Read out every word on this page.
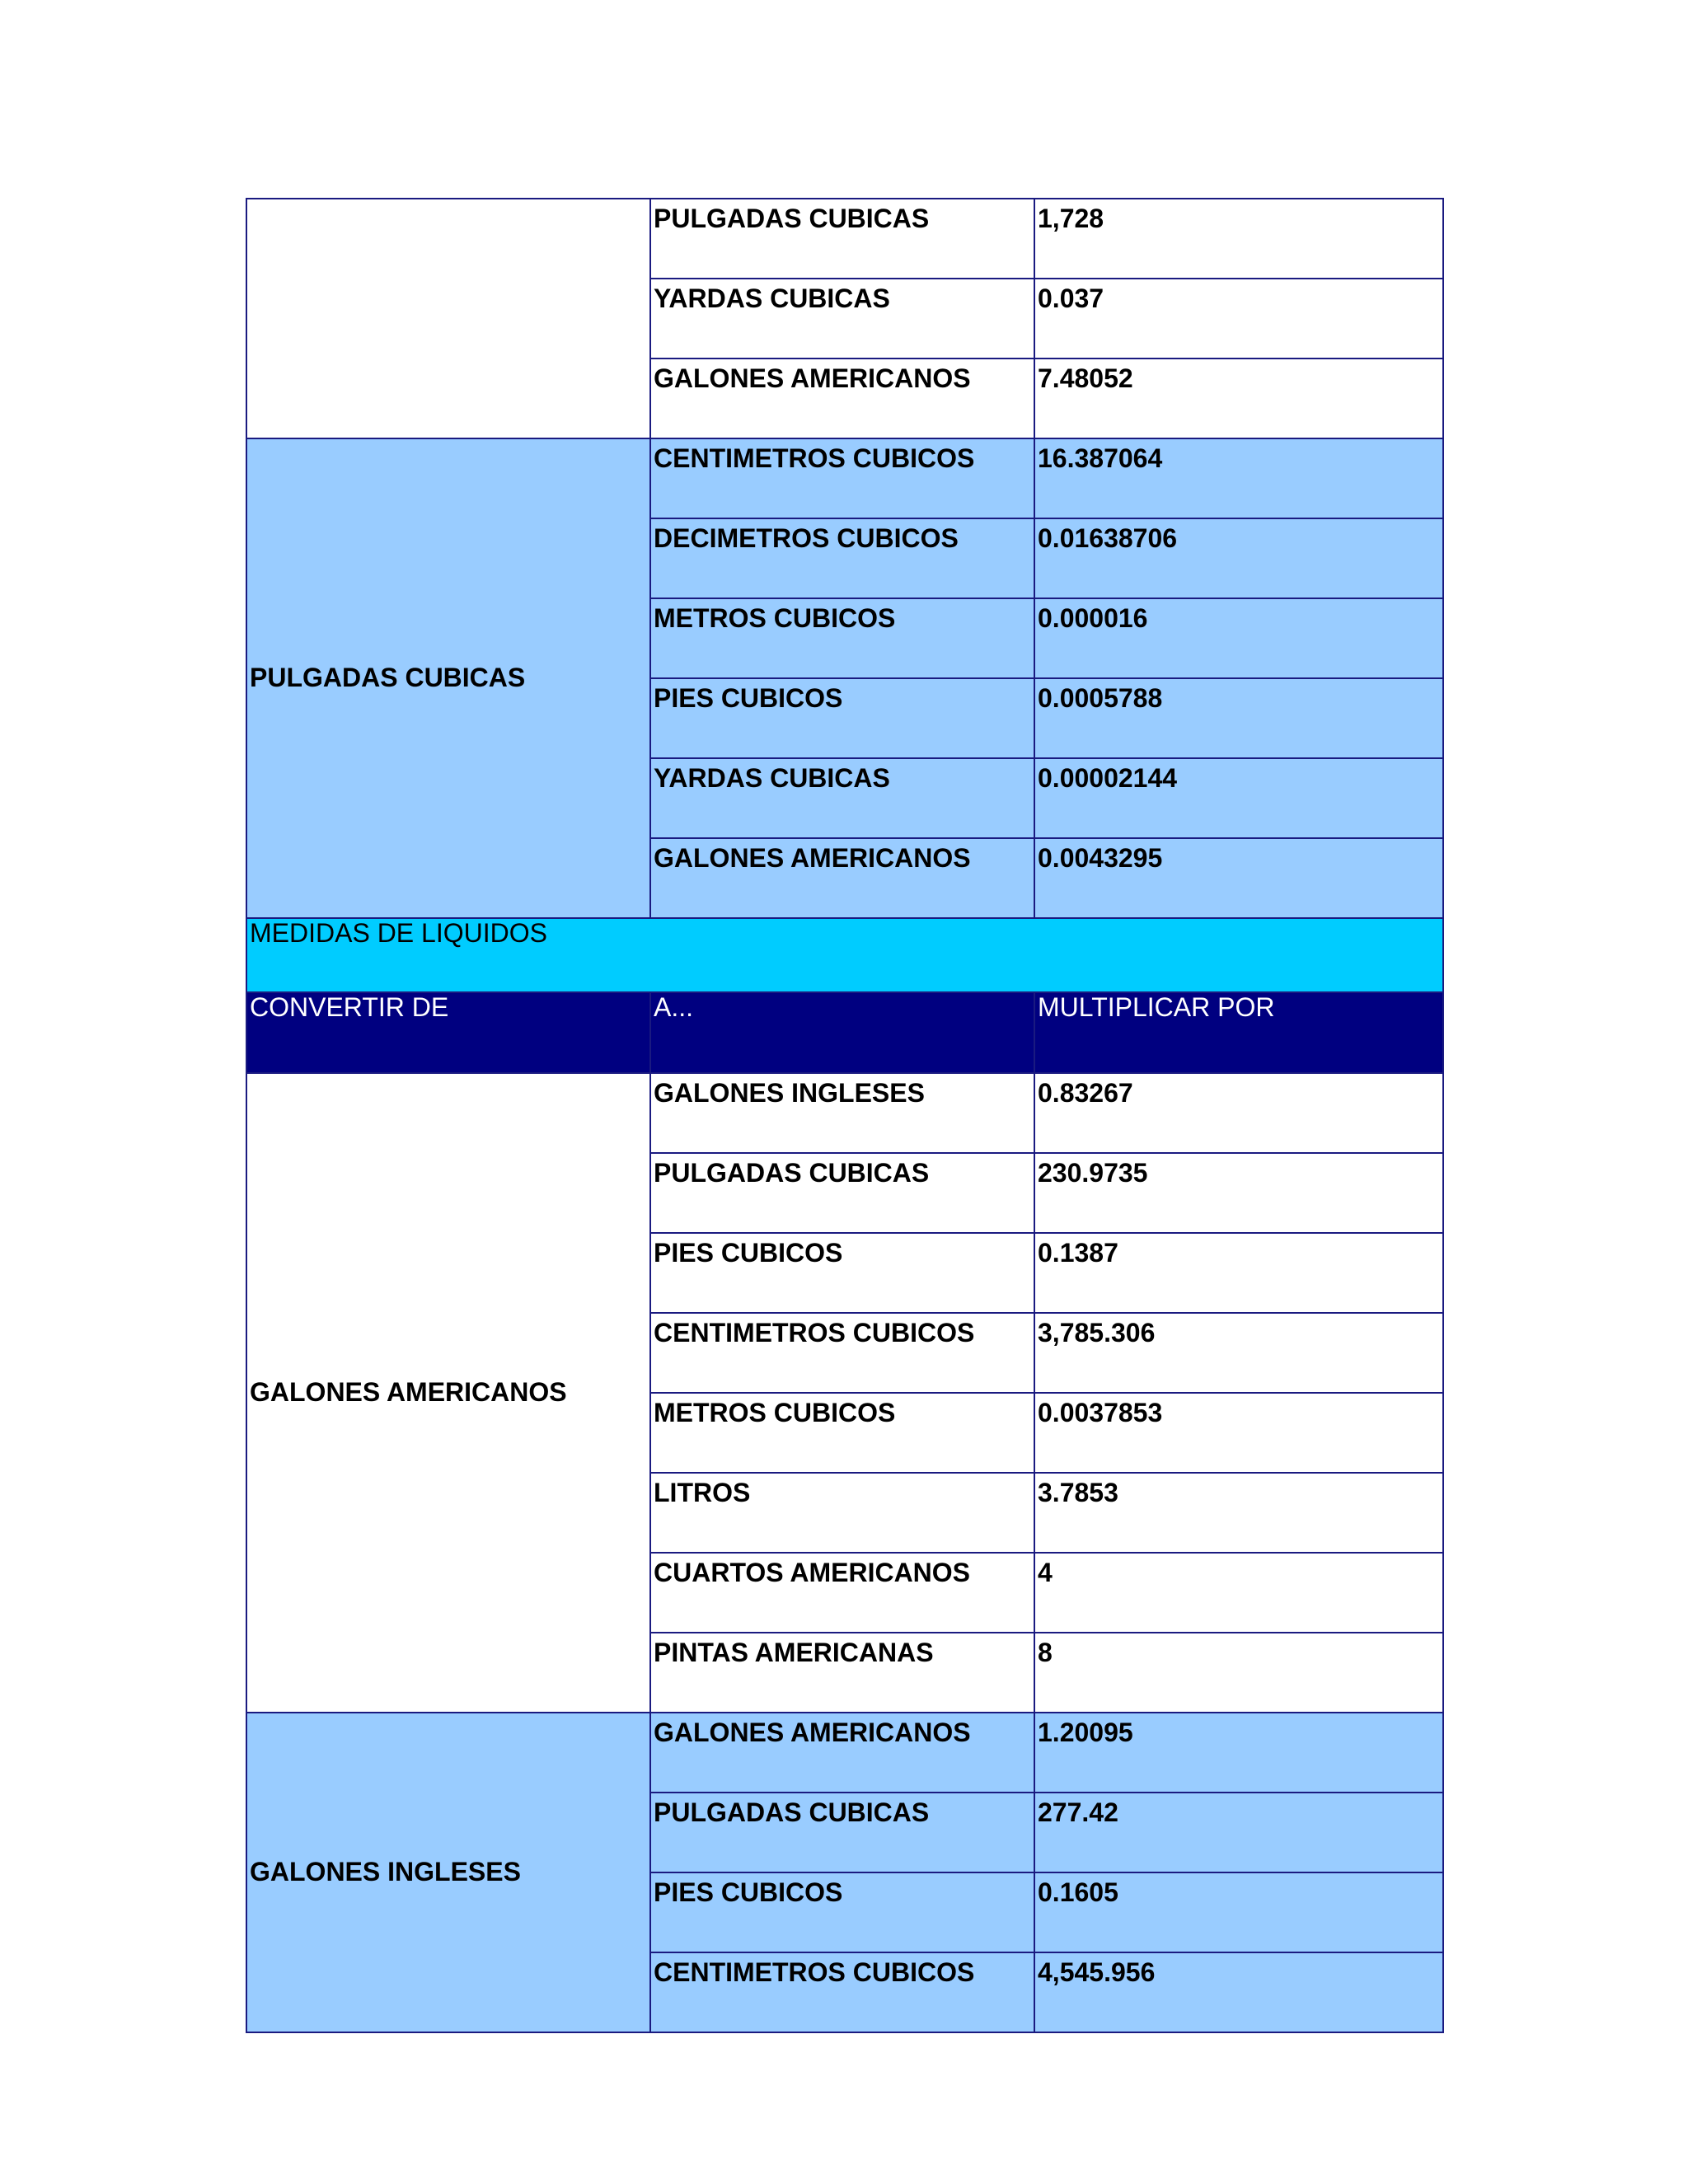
	PULGADAS CUBICAS	1,728
	YARDAS CUBICAS	0.037
	GALONES AMERICANOS	7.48052
PULGADAS CUBICAS	CENTIMETROS CUBICOS	16.387064
	DECIMETROS CUBICOS	0.01638706
	METROS CUBICOS	0.000016
	PIES CUBICOS	0.0005788
	YARDAS CUBICAS	0.00002144
	GALONES AMERICANOS	0.0043295
MEDIDAS DE LIQUIDOS		
CONVERTIR DE	A...	MULTIPLICAR POR
GALONES AMERICANOS	GALONES INGLESES	0.83267
	PULGADAS CUBICAS	230.9735
	PIES CUBICOS	0.1387
	CENTIMETROS CUBICOS	3,785.306
	METROS CUBICOS	0.0037853
	LITROS	3.7853
	CUARTOS AMERICANOS	4
	PINTAS AMERICANAS	8
GALONES INGLESES	GALONES AMERICANOS	1.20095
	PULGADAS CUBICAS	277.42
	PIES CUBICOS	0.1605
	CENTIMETROS CUBICOS	4,545.956
